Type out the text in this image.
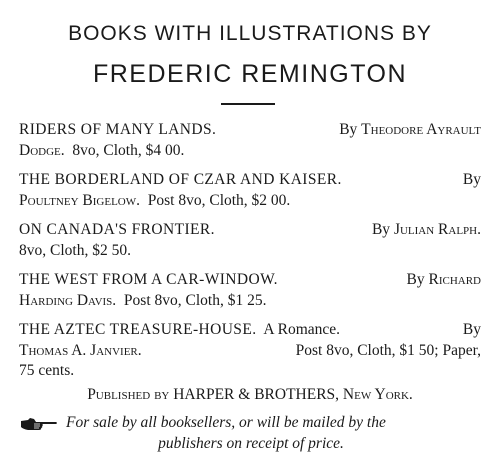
BOOKS WITH ILLUSTRATIONS BY
FREDERIC REMINGTON
RIDERS OF MANY LANDS.	By Theodore Ayrault
Dodge. 8vo, Cloth, $4 00.
THE BORDERLAND OF CZAR AND KAISER.	By
Poultney Bigelow. Post 8vo, Cloth, $2 00.
ON CANADA'S FRONTIER.	By Julian Ralph.
8vo, Cloth, $2 50.
THE WEST FROM A CAR-WINDOW.	By Richard
Harding Davis. Post 8vo, Cloth, $1 25.
THE AZTEC TREASURE-HOUSE. A Romance.	By
Thomas A. Janvier.	Post 8vo, Cloth, $1 50; Paper,
75 cents.
Published by HARPER & BROTHERS, New York.
For sale by all booksellers, or will be mailed by the
publishers on receipt of price.
